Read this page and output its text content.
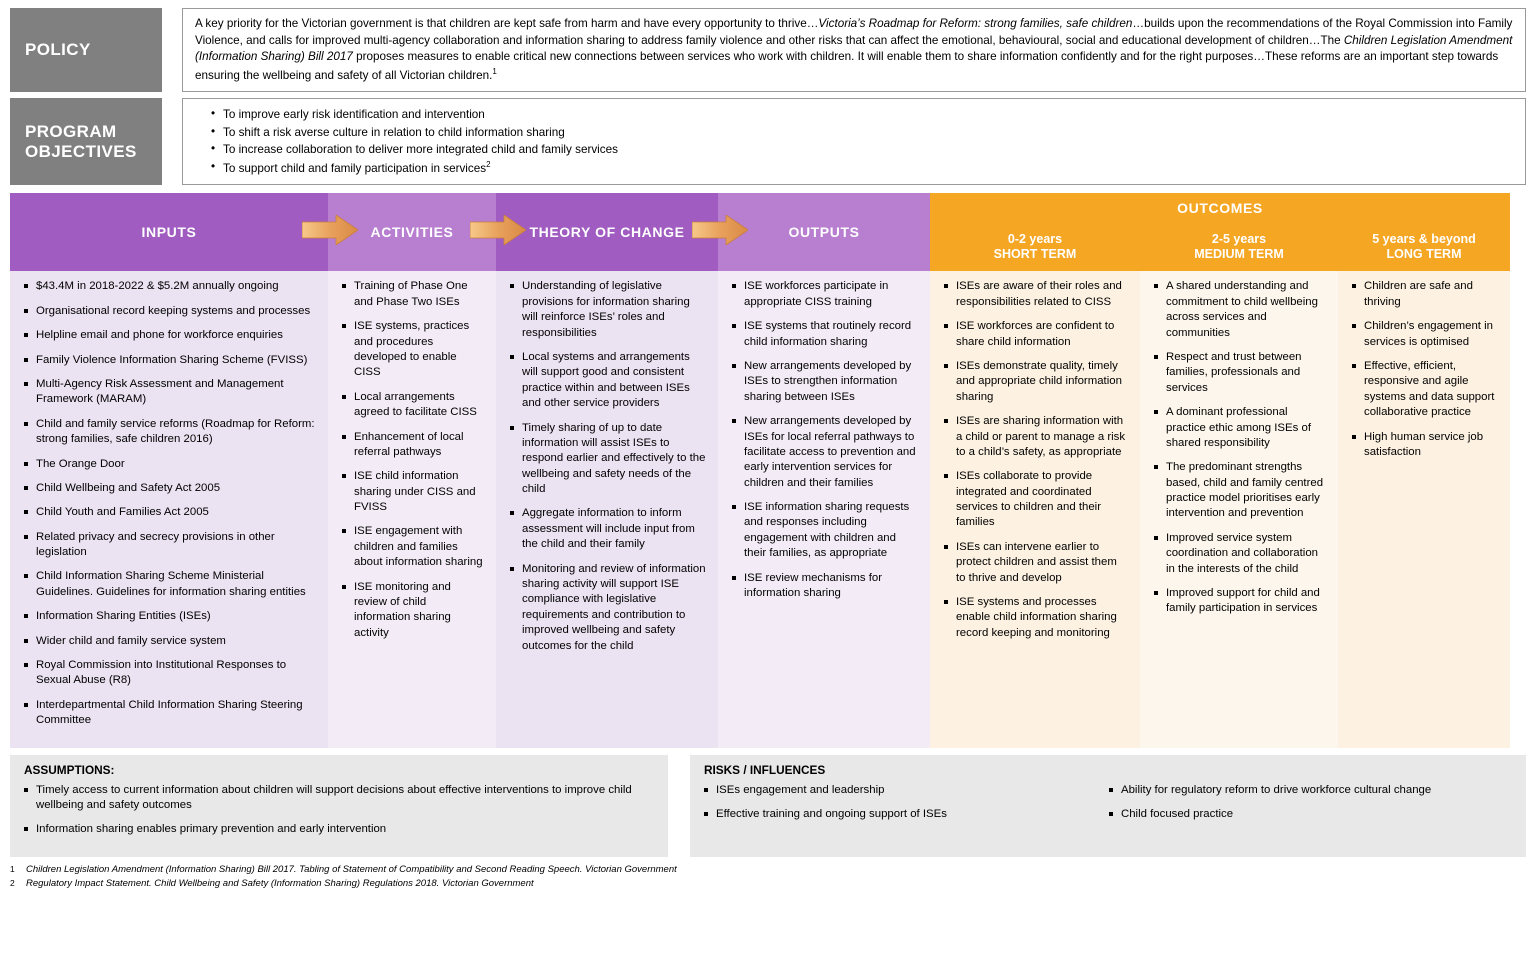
POLICY
A key priority for the Victorian government is that children are kept safe from harm and have every opportunity to thrive…Victoria’s Roadmap for Reform: strong families, safe children…builds upon the recommendations of the Royal Commission into Family Violence, and calls for improved multi-agency collaboration and information sharing to address family violence and other risks that can affect the emotional, behavioural, social and educational development of children…The Children Legislation Amendment (Information Sharing) Bill 2017 proposes measures to enable critical new connections between services who work with children. It will enable them to share information confidently and for the right purposes…These reforms are an important step towards ensuring the wellbeing and safety of all Victorian children.$^1$
PROGRAM
OBJECTIVES
• To improve early risk identification and intervention
• To shift a risk averse culture in relation to child information sharing
• To increase collaboration to deliver more integrated child and family services
• To support child and family participation in services$^2$
INPUTS
$43.4M in 2018-2022 & $5.2M annually ongoing
Organisational record keeping systems and processes
Helpline email and phone for workforce enquiries
Family Violence Information Sharing Scheme (FVISS)
Multi-Agency Risk Assessment and Management Framework (MARAM)
Child and family service reforms (Roadmap for Reform: strong families, safe children 2016)
The Orange Door
Child Wellbeing and Safety Act 2005
Child Youth and Families Act 2005
Related privacy and secrecy provisions in other legislation
Child Information Sharing Scheme Ministerial Guidelines. Guidelines for information sharing entities
Information Sharing Entities (ISEs)
Wider child and family service system
Royal Commission into Institutional Responses to Sexual Abuse (R8)
Interdepartmental Child Information Sharing Steering Committee
ACTIVITIES
Training of Phase One and Phase Two ISEs
ISE systems, practices and procedures developed to enable CISS
Local arrangements agreed to facilitate CISS
Enhancement of local referral pathways
ISE child information sharing under CISS and FVISS
ISE engagement with children and families about information sharing
ISE monitoring and review of child information sharing activity
THEORY OF CHANGE
Understanding of legislative provisions for information sharing will reinforce ISEs’ roles and responsibilities
Local systems and arrangements will support good and consistent practice within and between ISEs and other service providers
Timely sharing of up to date information will assist ISEs to respond earlier and effectively to the wellbeing and safety needs of the child
Aggregate information to inform assessment will include input from the child and their family
Monitoring and review of information sharing activity will support ISE compliance with legislative requirements and contribution to improved wellbeing and safety outcomes for the child
OUTPUTS
ISE workforces participate in appropriate CISS training
ISE systems that routinely record child information sharing
New arrangements developed by ISEs to strengthen information sharing between ISEs
New arrangements developed by ISEs for local referral pathways to facilitate access to prevention and early intervention services for children and their families
ISE information sharing requests and responses including engagement with children and their families, as appropriate
ISE review mechanisms for information sharing
OUTCOMES
0-2 years
SHORT TERM
2-5 years
MEDIUM TERM
5 years & beyond
LONG TERM
ISEs are aware of their roles and responsibilities related to CISS
ISE workforces are confident to share child information
ISEs demonstrate quality, timely and appropriate child information sharing
ISEs are sharing information with a child or parent to manage a risk to a child’s safety, as appropriate
ISEs collaborate to provide integrated and coordinated services to children and their families
ISEs can intervene earlier to protect children and assist them to thrive and develop
ISE systems and processes enable child information sharing record keeping and monitoring
A shared understanding and commitment to child wellbeing across services and communities
Respect and trust between families, professionals and services
A dominant professional practice ethic among ISEs of shared responsibility
The predominant strengths based, child and family centred practice model prioritises early intervention and prevention
Improved service system coordination and collaboration in the interests of the child
Improved support for child and family participation in services
Children are safe and thriving
Children’s engagement in services is optimised
Effective, efficient, responsive and agile systems and data support collaborative practice
High human service job satisfaction
ASSUMPTIONS:
Timely access to current information about children will support decisions about effective interventions to improve child wellbeing and safety outcomes
Information sharing enables primary prevention and early intervention
RISKS / INFLUENCES
ISEs engagement and leadership
Effective training and ongoing support of ISEs
Ability for regulatory reform to drive workforce cultural change
Child focused practice
1 Children Legislation Amendment (Information Sharing) Bill 2017. Tabling of Statement of Compatibility and Second Reading Speech. Victorian Government
2 Regulatory Impact Statement. Child Wellbeing and Safety (Information Sharing) Regulations 2018. Victorian Government
